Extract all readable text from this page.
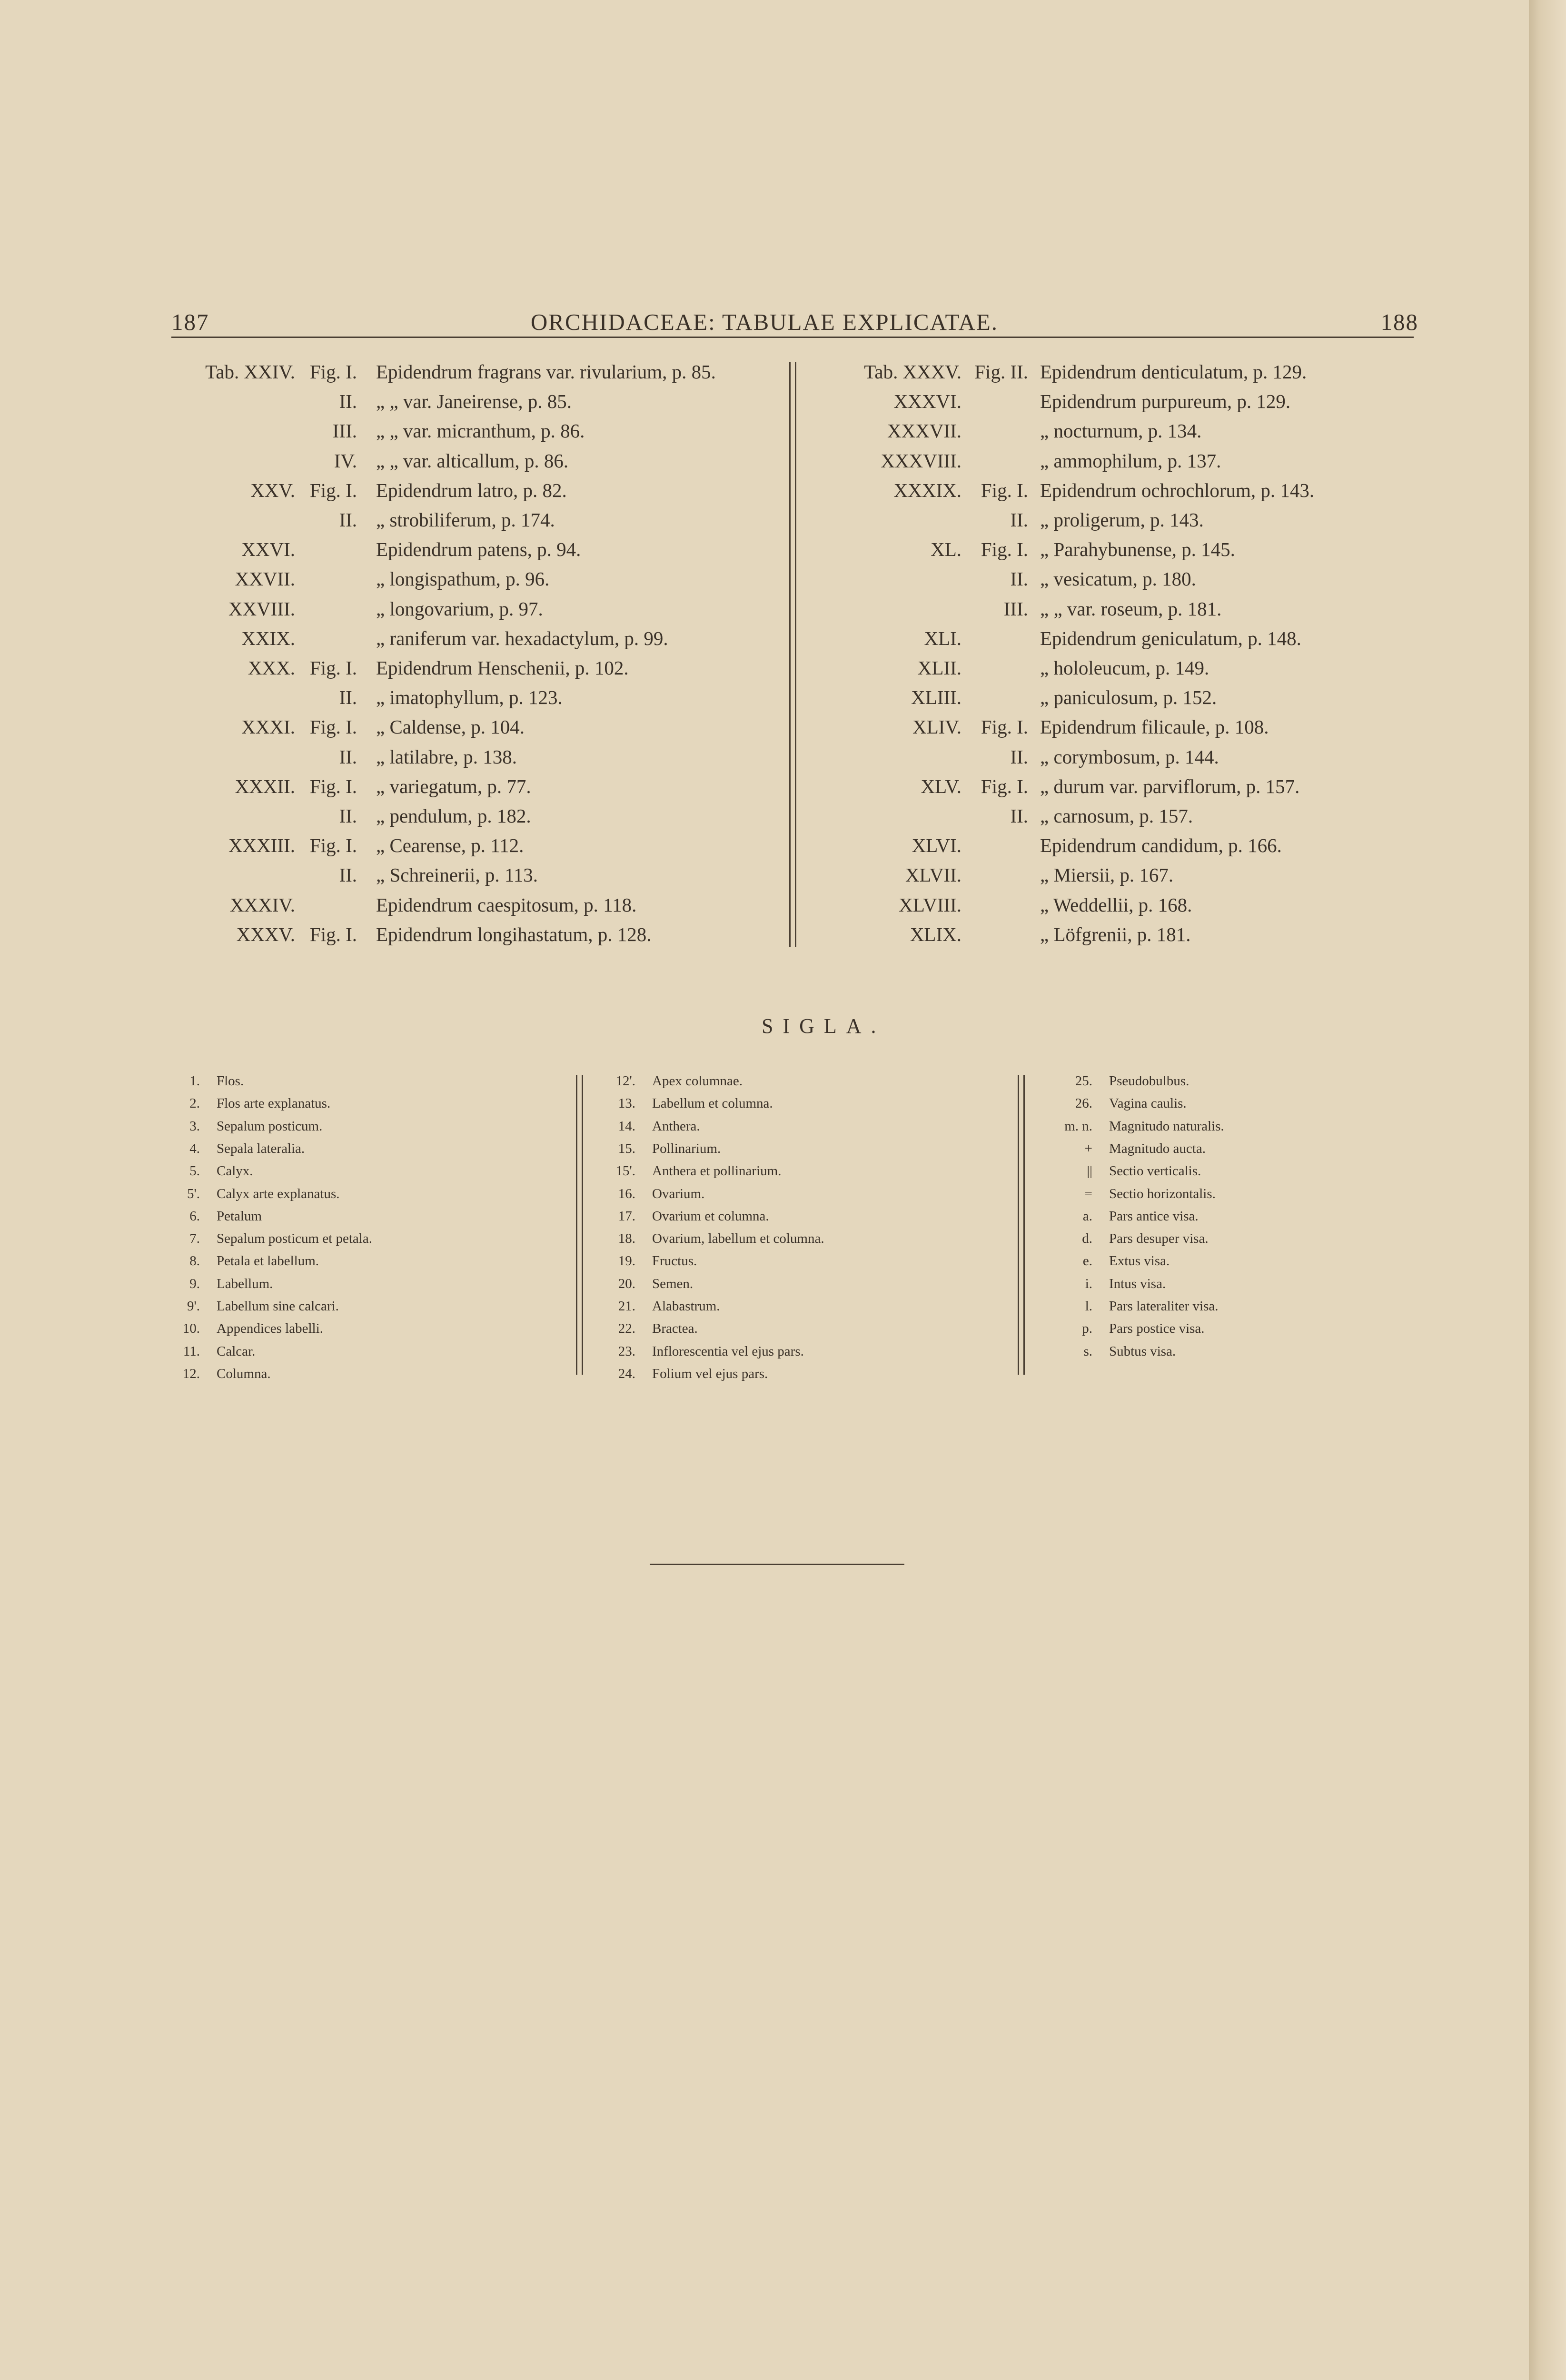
187	ORCHIDACEAE: TABULAE EXPLICATAE.	188
Tab. XXIV. Fig. I. Epidendrum fragrans var. rivularium, p. 85.
II. „ „ var. Janeirense, p. 85.
III. „ „ var. micranthum, p. 86.
IV. „ „ var. alticallum, p. 86.
XXV. Fig. I. Epidendrum latro, p. 82.
II. „ strobiliferum, p. 174.
XXVI.	Epidendrum patens, p. 94.
XXVII.	„ longispathum, p. 96.
XXVIII.	„ longovarium, p. 97.
XXIX.	„ raniferum var. hexadactylum, p. 99.
XXX. Fig. I. Epidendrum Henschenii, p. 102.
II. „ imatophyllum, p. 123.
XXXI. Fig. I. „ Caldense, p. 104.
II. „ latilabre, p. 138.
XXXII. Fig. I. „ variegatum, p. 77.
II. „ pendulum, p. 182.
XXXIII. Fig. I. „ Cearense, p. 112.
II. „ Schreinerii, p. 113.
XXXIV.	Epidendrum caespitosum, p. 118.
XXXV. Fig. I. Epidendrum longihastatum, p. 128.
Tab. XXXV. Fig. II. Epidendrum denticulatum, p. 129.
XXXVI.	Epidendrum purpureum, p. 129.
XXXVII.	„ nocturnum, p. 134.
XXXVIII.	„ ammophilum, p. 137.
XXXIX. Fig. I. Epidendrum ochrochlorum, p. 143.
II. „ proligerum, p. 143.
XL. Fig. I. „ Parahybunense, p. 145.
II. „ vesicatum, p. 180.
III. „ „ var. roseum, p. 181.
XLI.	Epidendrum geniculatum, p. 148.
XLII.	„ hololeucum, p. 149.
XLIII.	„ paniculosum, p. 152.
XLIV. Fig. I. Epidendrum filicaule, p. 108.
II. „ corymbosum, p. 144.
XLV. Fig. I. „ durum var. parviflorum, p. 157.
II. „ carnosum, p. 157.
XLVI.	Epidendrum candidum, p. 166.
XLVII.	„ Miersii, p. 167.
XLVIII.	„ Weddellii, p. 168.
XLIX.	„ Löfgrenii, p. 181.
SIGLA.
1. Flos.
2. Flos arte explanatus.
3. Sepalum posticum.
4. Sepala lateralia.
5. Calyx.
5'. Calyx arte explanatus.
6. Petalum
7. Sepalum posticum et petala.
8. Petala et labellum.
9. Labellum.
9'. Labellum sine calcari.
10. Appendices labelli.
11. Calcar.
12. Columna.
12'. Apex columnae.
13. Labellum et columna.
14. Anthera.
15. Pollinarium.
15'. Anthera et pollinarium.
16. Ovarium.
17. Ovarium et columna.
18. Ovarium, labellum et columna.
19. Fructus.
20. Semen.
21. Alabastrum.
22. Bractea.
23. Inflorescentia vel ejus pars.
24. Folium vel ejus pars.
25. Pseudobulbus.
26. Vagina caulis.
m. n. Magnitudo naturalis.
+ Magnitudo aucta.
|| Sectio verticalis.
= Sectio horizontalis.
a. Pars antice visa.
d. Pars desuper visa.
e. Extus visa.
i. Intus visa.
l. Pars lateraliter visa.
p. Pars postice visa.
s. Subtus visa.
